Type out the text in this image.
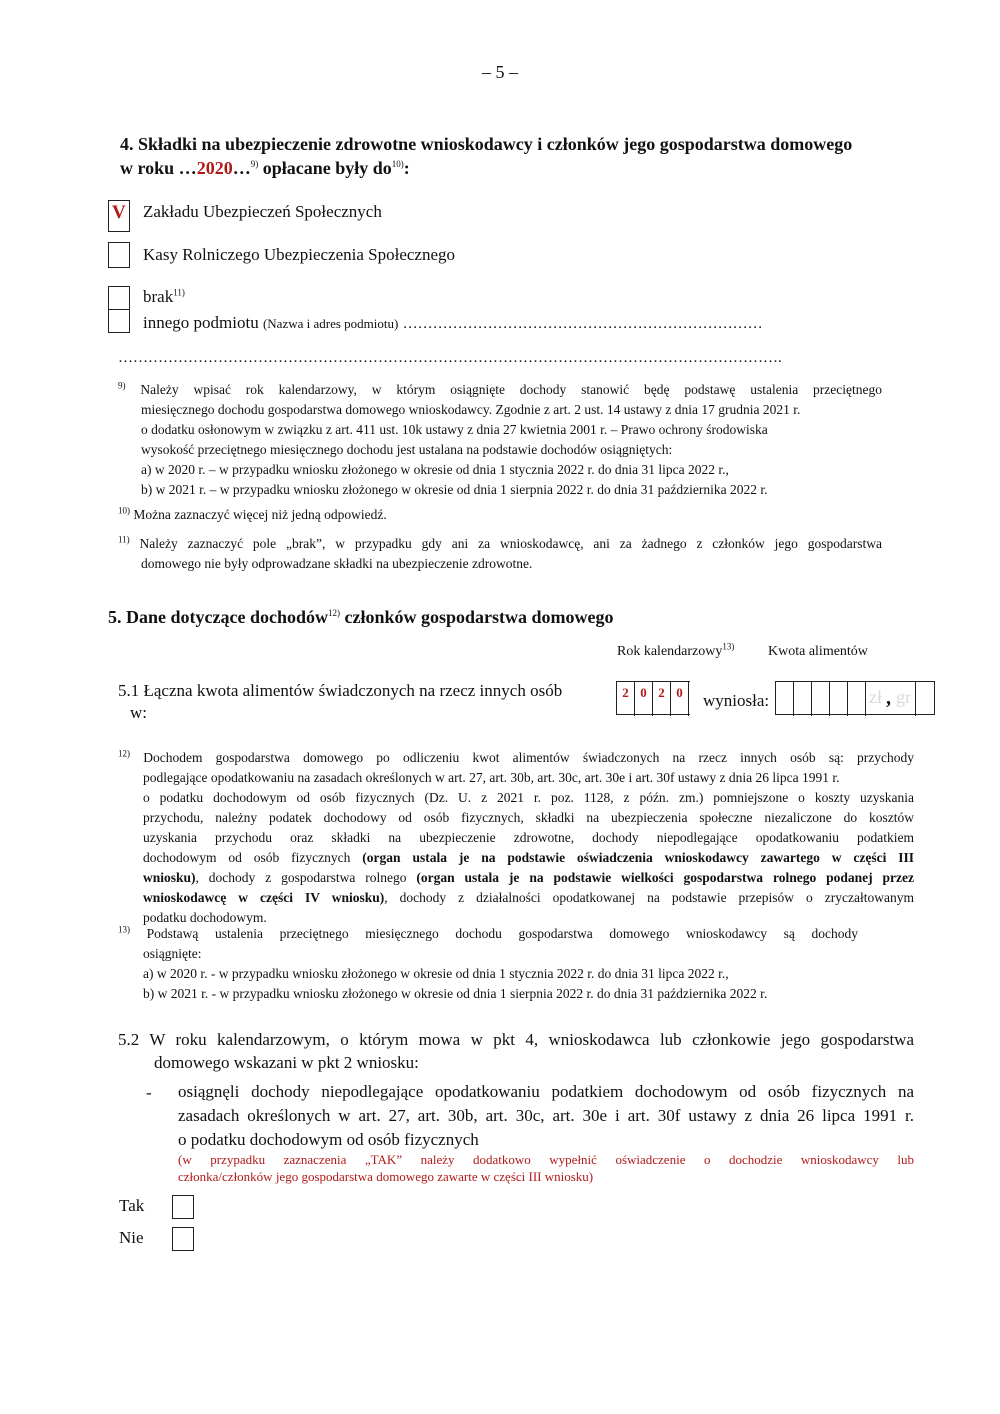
– 5 –
4. Składki na ubezpieczenie zdrowotne wnioskodawcy i członków jego gospodarstwa domowego
w roku …2020…$^{9)}$ opłacane były $do^{10)}$:
V Zakładu Ubezpieczeń Społecznych
Kasy Rolniczego Ubezpieczenia Społecznego
brak$^{11)}$
innego podmiotu (Nazwa i adres podmiotu) ………………………………………………………………
…………………………………………………………………………………………………………………….
$^{9)}$ Należy wpisać rok kalendarzowy, w którym osiągnięte dochody stanowić będę podstawę ustalenia przeciętnego
miesięcznego dochodu gospodarstwa domowego wnioskodawcy. Zgodnie z art. 2 ust. 14 ustawy z dnia 17 grudnia 2021 r.
o dodatku osłonowym w związku z art. 411 ust. 10k ustawy z dnia 27 kwietnia 2001 r. – Prawo ochrony środowiska
wysokość przeciętnego miesięcznego dochodu jest ustalana na podstawie dochodów osiągniętych:
a) w 2020 r. – w przypadku wniosku złożonego w okresie od dnia 1 stycznia 2022 r. do dnia 31 lipca 2022 r.,
b) w 2021 r. – w przypadku wniosku złożonego w okresie od dnia 1 sierpnia 2022 r. do dnia 31 października 2022 r.
$^{10)}$ Można zaznaczyć więcej niż jedną odpowiedź.
$^{11)}$ Należy zaznaczyć pole „brak”, w przypadku gdy ani za wnioskodawcę, ani za żadnego z członków jego gospodarstwa
domowego nie były odprowadzane składki na ubezpieczenie zdrowotne.
5. Dane dotyczące dochodów$^{12)}$ członków gospodarstwa domowego
Rok kalendarzowy$^{13)}$ Kwota alimentów
5.1 Łączna kwota alimentów świadczonych na rzecz innych osób
w:
2 0 2 0	wyniosła:	zł , gr
$^{12)}$ Dochodem gospodarstwa domowego po odliczeniu kwot alimentów świadczonych na rzecz innych osób są: przychody
podlegające opodatkowaniu na zasadach określonych w art. 27, art. 30b, art. 30c, art. 30e i art. 30f ustawy z dnia 26 lipca 1991 r.
o podatku dochodowym od osób fizycznych (Dz. U. z 2021 r. poz. 1128, z późn. zm.) pomniejszone o koszty uzyskania
przychodu, należny podatek dochodowy od osób fizycznych, składki na ubezpieczenia społeczne niezaliczone do kosztów
uzyskania przychodu oraz składki na ubezpieczenie zdrowotne, dochody niepodlegające opodatkowaniu podatkiem
dochodowym od osób fizycznych (organ ustala je na podstawie oświadczenia wnioskodawcy zawartego w części III
wniosku), dochody z gospodarstwa rolnego (organ ustala je na podstawie wielkości gospodarstwa rolnego podanej przez
wnioskodawcę w części IV wniosku), dochody z działalności opodatkowanej na podstawie przepisów o zryczałtowanym
podatku dochodowym.
$^{13)}$ Podstawą ustalenia przeciętnego miesięcznego dochodu gospodarstwa domowego wnioskodawcy są dochody
osiągnięte:
a) w 2020 r. - w przypadku wniosku złożonego w okresie od dnia 1 stycznia 2022 r. do dnia 31 lipca 2022 r.,
b) w 2021 r. - w przypadku wniosku złożonego w okresie od dnia 1 sierpnia 2022 r. do dnia 31 października 2022 r.
5.2 W roku kalendarzowym, o którym mowa w pkt 4, wnioskodawca lub członkowie jego gospodarstwa
domowego wskazani w pkt 2 wniosku:
- osiągnęli dochody niepodlegające opodatkowaniu podatkiem dochodowym od osób fizycznych na
zasadach określonych w art. 27, art. 30b, art. 30c, art. 30e i art. 30f ustawy z dnia 26 lipca 1991 r.
o podatku dochodowym od osób fizycznych
(w przypadku zaznaczenia „TAK” należy dodatkowo wypełnić oświadczenie o dochodzie wnioskodawcy lub
członka/członków jego gospodarstwa domowego zawarte w części III wniosku)
Tak
Nie
